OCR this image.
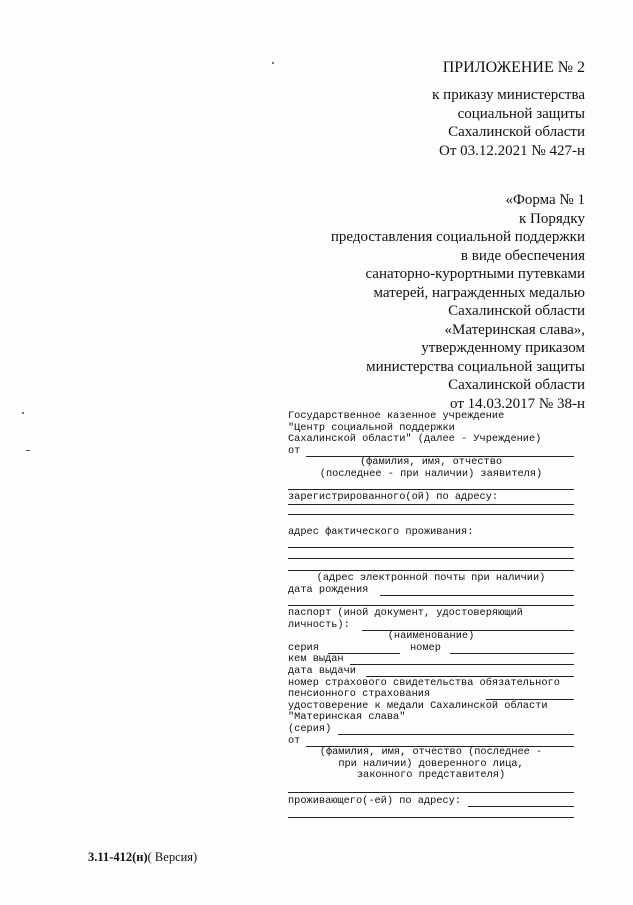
ПРИЛОЖЕНИЕ № 2
к приказу министерства
социальной защиты
Сахалинской области
От 03.12.2021 № 427-н
«Форма № 1
к Порядку
предоставления социальной поддержки
в виде обеспечения
санаторно-курортными путевками
матерей, награжденных медалью
Сахалинской области
«Материнская слава»,
утвержденному приказом
министерства социальной защиты
Сахалинской области
от 14.03.2017 № 38-н
Государственное казенное учреждение
"Центр социальной поддержки
Сахалинской области" (далее - Учреждение)
от
(фамилия, имя, отчество
(последнее - при наличии) заявителя)
зарегистрированного(ой) по адресу:
адрес фактического проживания:
(адрес электронной почты при наличии)
дата рождения
паспорт (иной документ, удостоверяющий
личность):
(наименование)
серия	номер
кем выдан
дата выдачи
номер страхового свидетельства обязательного
пенсионного страхования
удостоверение к медали Сахалинской области
"Материнская слава"
(серия)
от
(фамилия, имя, отчество (последнее -
при наличии) доверенного лица,
законного представителя)
проживающего(-ей) по адресу:
3.11-412(н)( Версия)
